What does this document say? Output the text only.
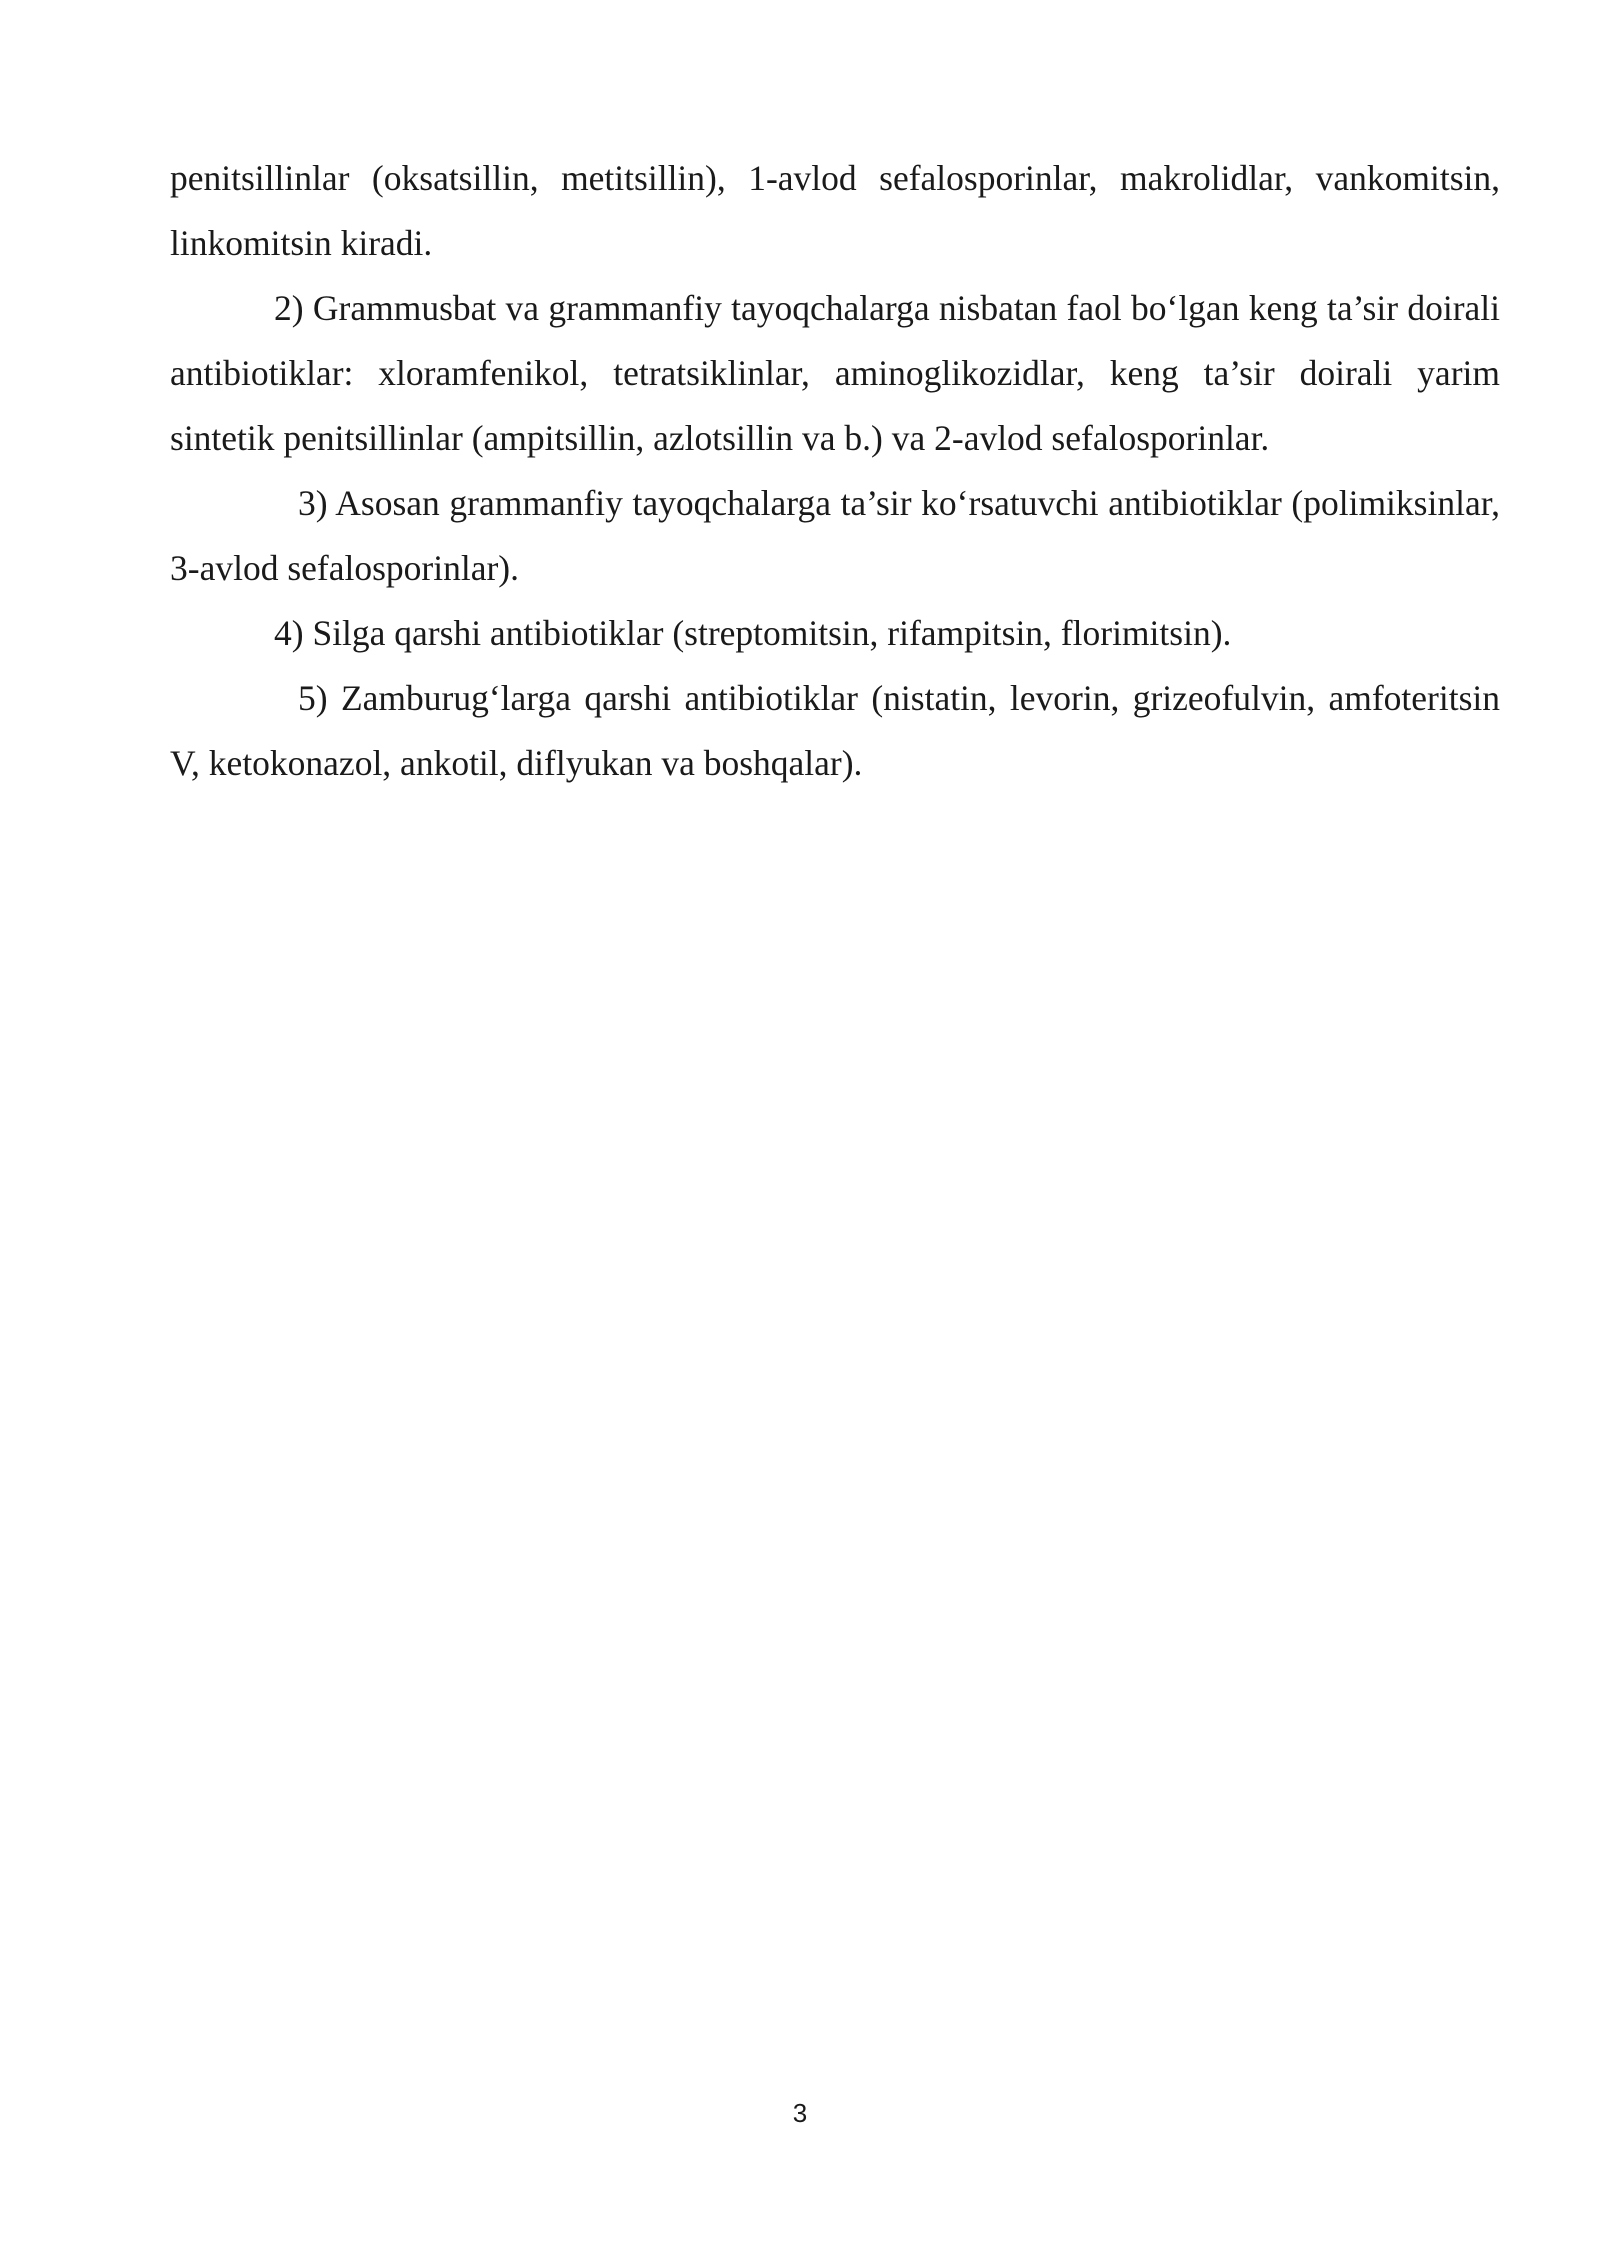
penitsillinlar (oksatsillin, metitsillin), 1-avlod sefalosporinlar, makrolidlar, vankomitsin, linkomitsin kiradi.

2) Grammusbat va grammanfiy tayoqchalarga nisbatan faol bo‘lgan keng ta’sir doirali antibiotiklar: xloramfenikol, tetratsiklinlar, aminoglikozidlar, keng ta’sir doirali yarim sintetik penitsillinlar (ampitsillin, azlotsillin va b.) va 2-avlod sefalosporinlar.

3) Asosan grammanfiy tayoqchalarga ta’sir ko‘rsatuvchi antibiotiklar (polimiksinlar, 3-avlod sefalosporinlar).

4) Silga qarshi antibiotiklar (streptomitsin, rifampitsin, florimitsin).

5) Zamburug‘larga qarshi antibiotiklar (nistatin, levorin, grizeofulvin, amfoteritsin V, ketokonazol, ankotil, diflyukan va boshqalar).

3
